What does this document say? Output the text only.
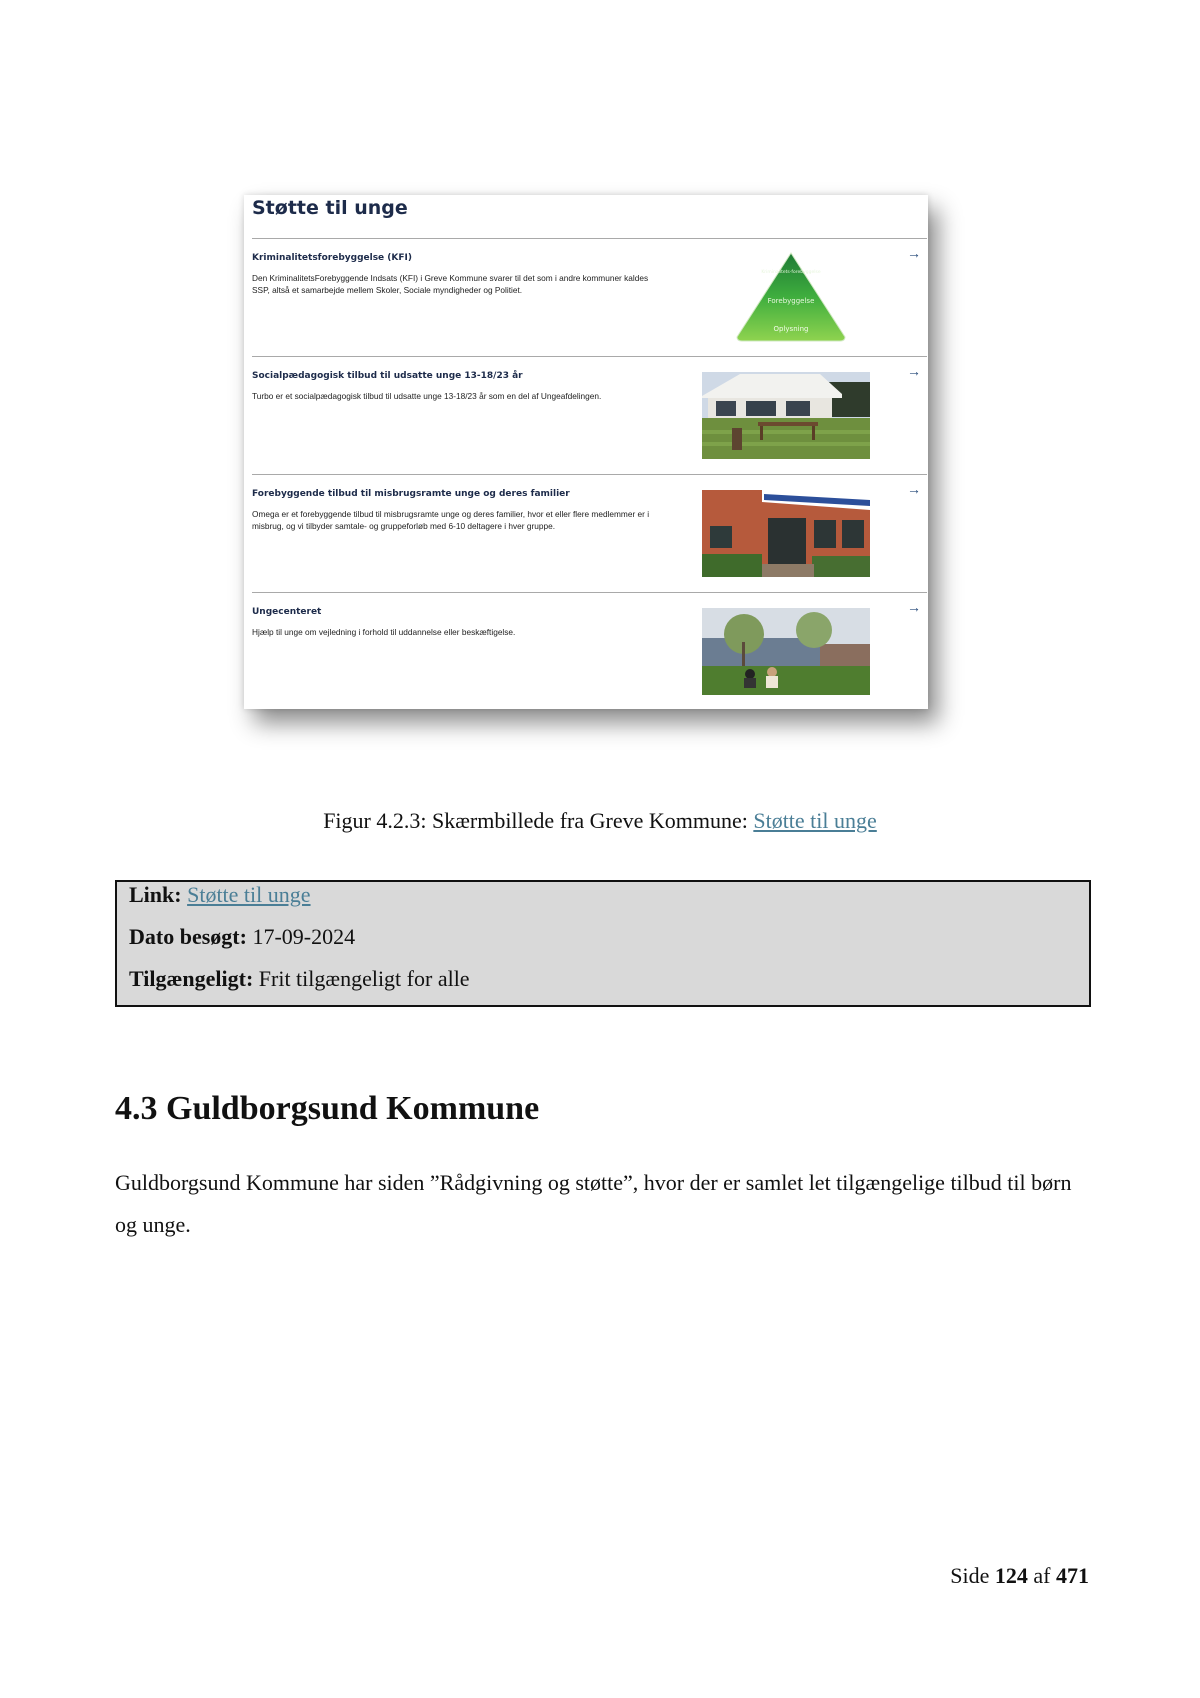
Støtte til unge
Kriminalitetsforebyggelse (KFI)
Den KriminalitetsForebyggende Indsats (KFI) i Greve Kommune svarer til det som i andre kommuner kaldes SSP, altså et samarbejde mellem Skoler, Sociale myndigheder og Politiet.
→
Kriminalitets-forebyggelse
Forebyggelse
Oplysning
Socialpædagogisk tilbud til udsatte unge 13-18/23 år
Turbo er et socialpædagogisk tilbud til udsatte unge 13-18/23 år som en del af Ungeafdelingen.
→
Forebyggende tilbud til misbrugsramte unge og deres familier
Omega er et forebyggende tilbud til misbrugsramte unge og deres familier, hvor et eller flere medlemmer er i misbrug, og vi tilbyder samtale- og gruppeforløb med 6-10 deltagere i hver gruppe.
→
Ungecenteret
Hjælp til unge om vejledning i forhold til uddannelse eller beskæftigelse.
→
Figur 4.2.3: Skærmbillede fra Greve Kommune: Støtte til unge
Link: Støtte til unge
Dato besøgt: 17-09-2024
Tilgængeligt: Frit tilgængeligt for alle
4.3 Guldborgsund Kommune
Guldborgsund Kommune har siden ”Rådgivning og støtte”, hvor der er samlet let tilgængelige tilbud til børn og unge.
Side 124 af 471
